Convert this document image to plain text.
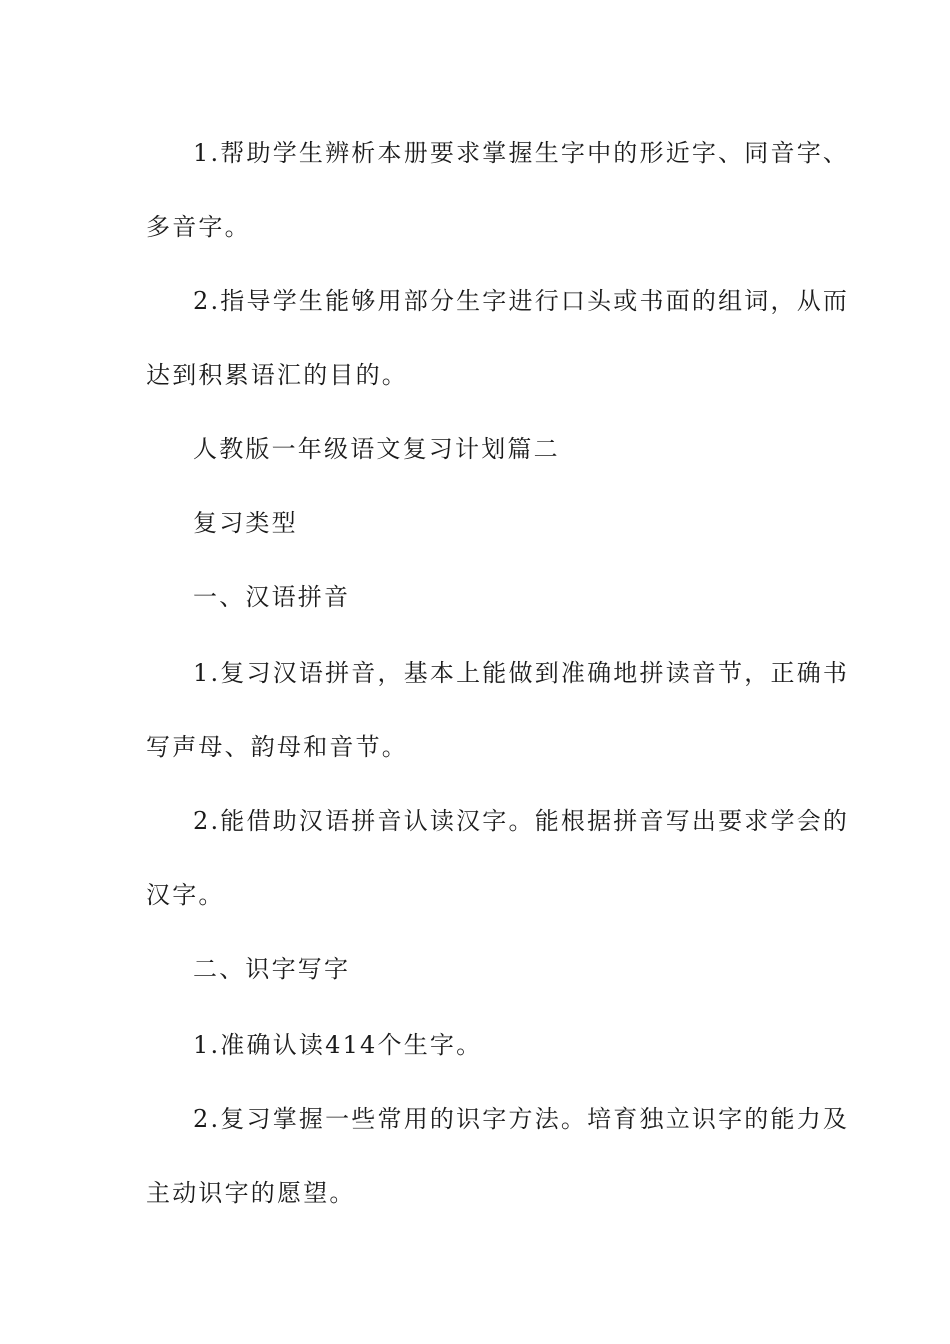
1.帮助学生辨析本册要求掌握生字中的形近字、同音字、
多音字。
2.指导学生能够用部分生字进行口头或书面的组词，从而
达到积累语汇的目的。
人教版一年级语文复习计划篇二
复习类型
一、汉语拼音
1.复习汉语拼音，基本上能做到准确地拼读音节，正确书
写声母、韵母和音节。
2.能借助汉语拼音认读汉字。能根据拼音写出要求学会的
汉字。
二、识字写字
1.准确认读414个生字。
2.复习掌握一些常用的识字方法。培育独立识字的能力及
主动识字的愿望。
